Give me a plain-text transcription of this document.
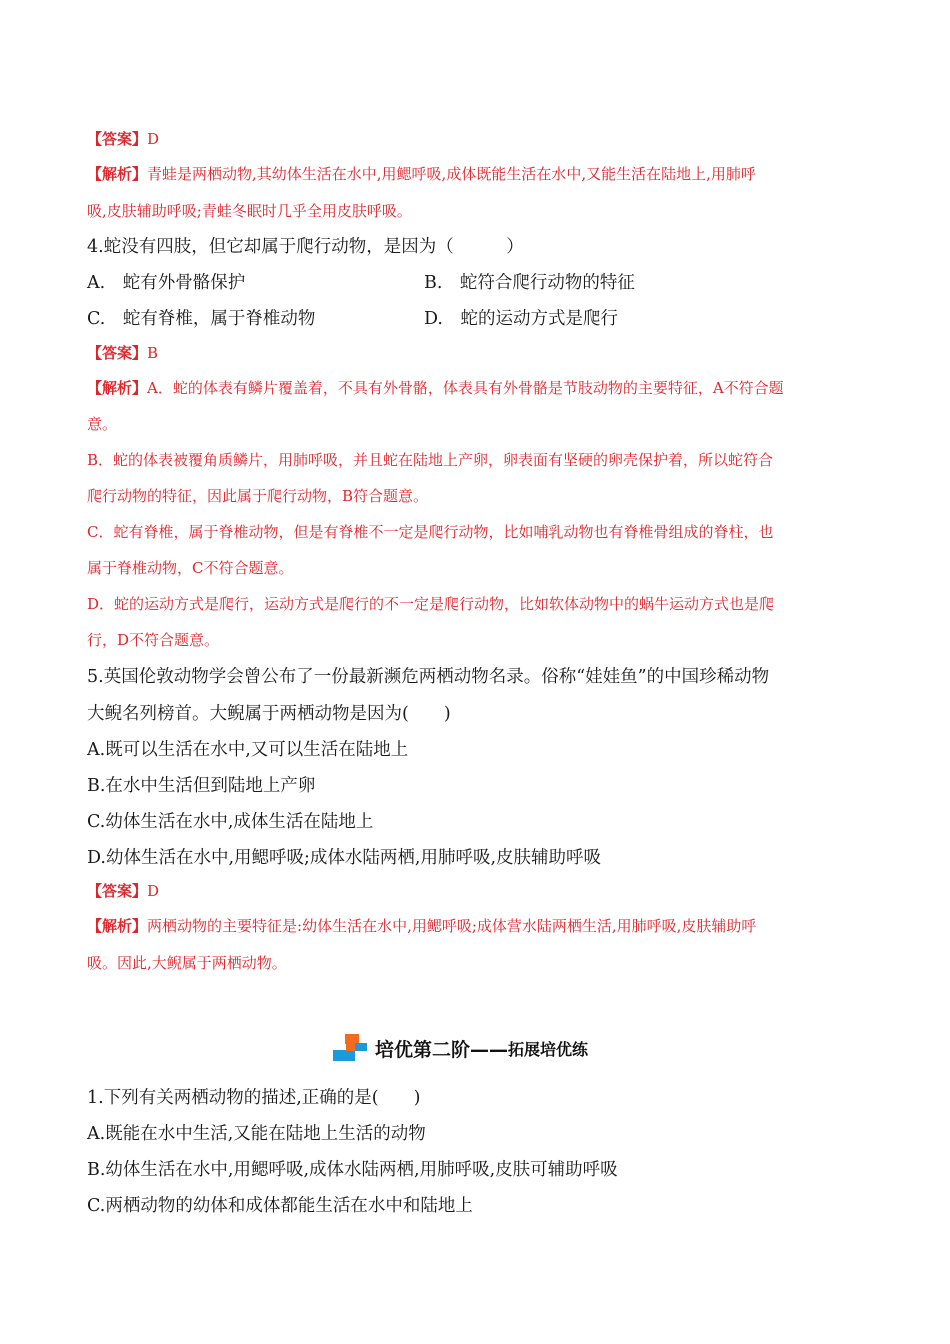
【答案】D
【解析】青蛙是两栖动物,其幼体生活在水中,用鳃呼吸,成体既能生活在水中,又能生活在陆地上,用肺呼
吸,皮肤辅助呼吸;青蛙冬眠时几乎全用皮肤呼吸。
4.蛇没有四肢，但它却属于爬行动物，是因为（　　　）
A.　蛇有外骨骼保护	B.　蛇符合爬行动物的特征
C.　蛇有脊椎，属于脊椎动物	D.　蛇的运动方式是爬行
【答案】B
【解析】A．蛇的体表有鳞片覆盖着，不具有外骨骼，体表具有外骨骼是节肢动物的主要特征，A不符合题
意。
B．蛇的体表被覆角质鳞片，用肺呼吸，并且蛇在陆地上产卵，卵表面有坚硬的卵壳保护着，所以蛇符合
爬行动物的特征，因此属于爬行动物，B符合题意。
C．蛇有脊椎，属于脊椎动物，但是有脊椎不一定是爬行动物，比如哺乳动物也有脊椎骨组成的脊柱，也
属于脊椎动物，C不符合题意。
D．蛇的运动方式是爬行，运动方式是爬行的不一定是爬行动物，比如软体动物中的蜗牛运动方式也是爬
行，D不符合题意。
5.英国伦敦动物学会曾公布了一份最新濒危两栖动物名录。俗称“娃娃鱼”的中国珍稀动物
大鲵名列榜首。大鲵属于两栖动物是因为(　　)
A.既可以生活在水中,又可以生活在陆地上
B.在水中生活但到陆地上产卵
C.幼体生活在水中,成体生活在陆地上
D.幼体生活在水中,用鳃呼吸;成体水陆两栖,用肺呼吸,皮肤辅助呼吸
【答案】D
【解析】两栖动物的主要特征是:幼体生活在水中,用鳃呼吸;成体营水陆两栖生活,用肺呼吸,皮肤辅助呼
吸。因此,大鲵属于两栖动物。
培优第二阶—— 拓展培优练
1.下列有关两栖动物的描述,正确的是(　　)
A.既能在水中生活,又能在陆地上生活的动物
B.幼体生活在水中,用鳃呼吸,成体水陆两栖,用肺呼吸,皮肤可辅助呼吸
C.两栖动物的幼体和成体都能生活在水中和陆地上
